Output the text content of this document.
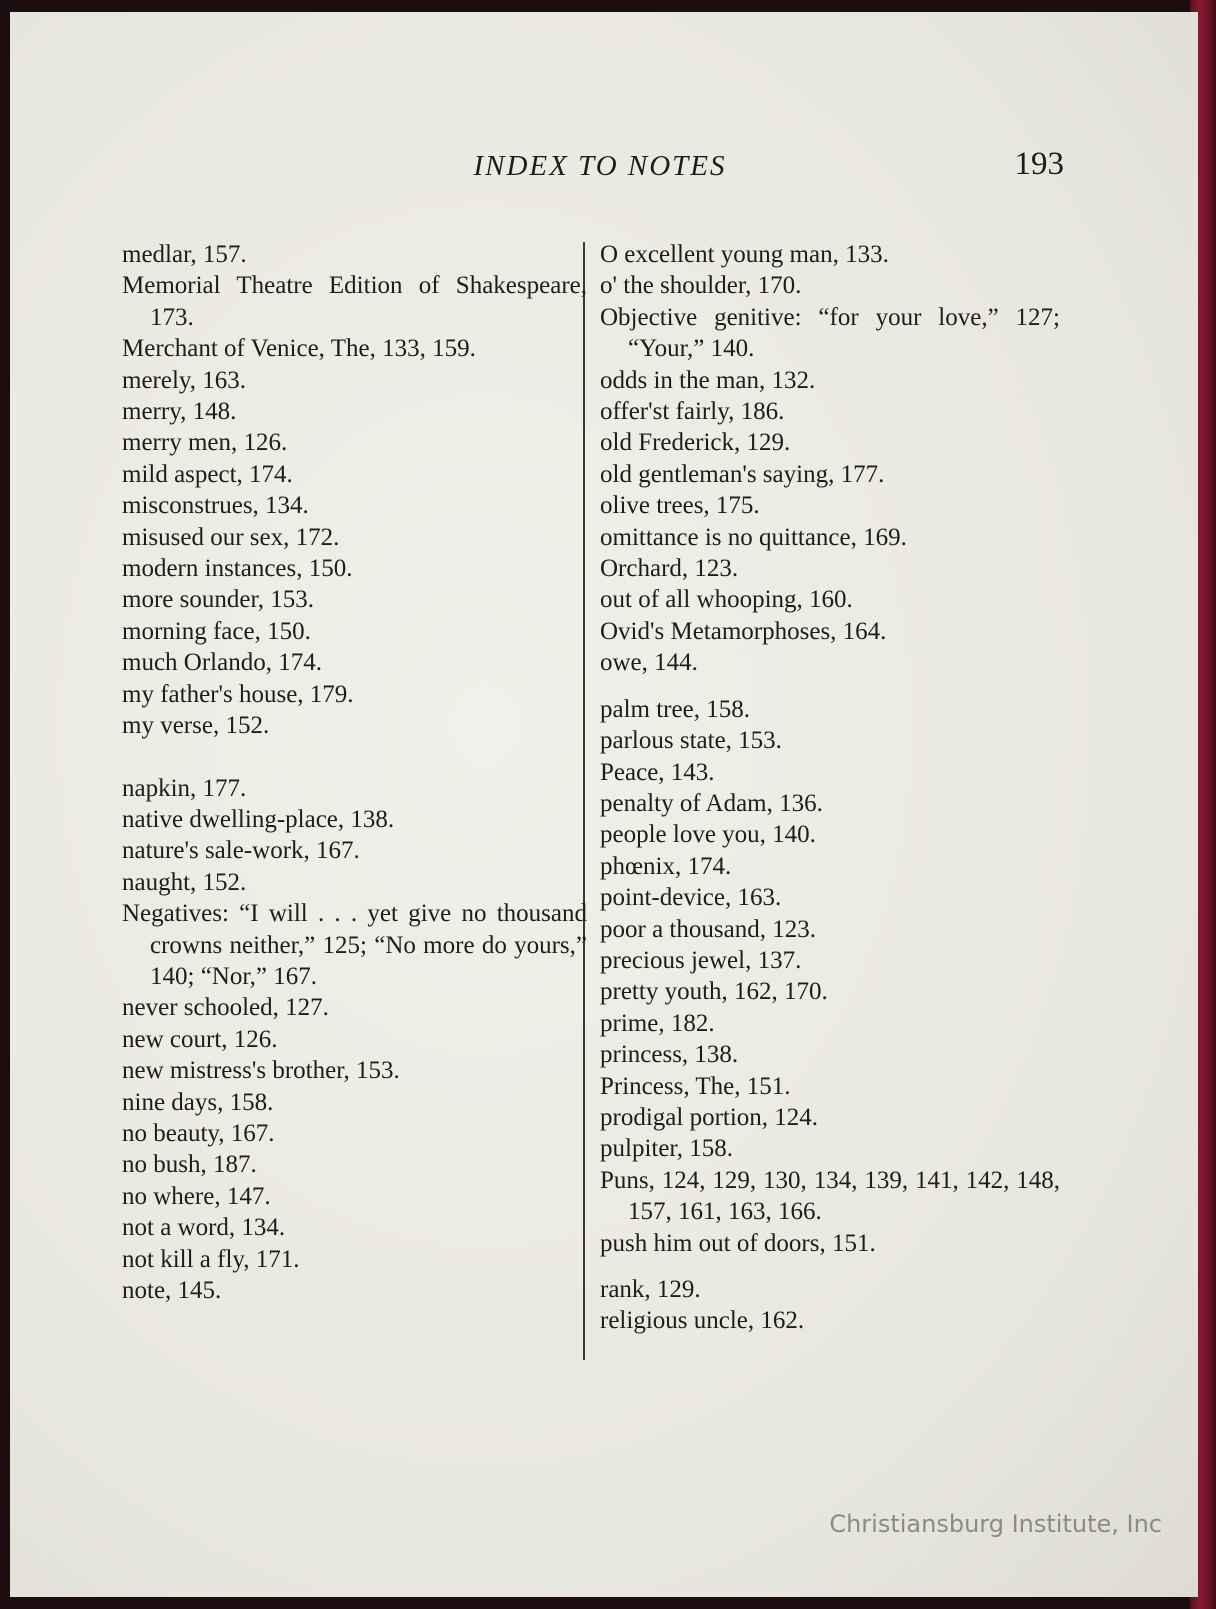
INDEX TO NOTES	193
medlar, 157.
Memorial Theatre Edition of Shakespeare, 173.
Merchant of Venice, The, 133, 159.
merely, 163.
merry, 148.
merry men, 126.
mild aspect, 174.
misconstrues, 134.
misused our sex, 172.
modern instances, 150.
more sounder, 153.
morning face, 150.
much Orlando, 174.
my father's house, 179.
my verse, 152.
napkin, 177.
native dwelling-place, 138.
nature's sale-work, 167.
naught, 152.
Negatives: “I will . . . yet give no thousand crowns neither,” 125; “No more do yours,” 140; “Nor,” 167.
never schooled, 127.
new court, 126.
new mistress's brother, 153.
nine days, 158.
no beauty, 167.
no bush, 187.
no where, 147.
not a word, 134.
not kill a fly, 171.
note, 145.
O excellent young man, 133.
o' the shoulder, 170.
Objective genitive: “for your love,” 127; “Your,” 140.
odds in the man, 132.
offer'st fairly, 186.
old Frederick, 129.
old gentleman's saying, 177.
olive trees, 175.
omittance is no quittance, 169.
Orchard, 123.
out of all whooping, 160.
Ovid's Metamorphoses, 164.
owe, 144.
palm tree, 158.
parlous state, 153.
Peace, 143.
penalty of Adam, 136.
people love you, 140.
phœnix, 174.
point-device, 163.
poor a thousand, 123.
precious jewel, 137.
pretty youth, 162, 170.
prime, 182.
princess, 138.
Princess, The, 151.
prodigal portion, 124.
pulpiter, 158.
Puns, 124, 129, 130, 134, 139, 141, 142, 148, 157, 161, 163, 166.
push him out of doors, 151.
rank, 129.
religious uncle, 162.
Christiansburg Institute, Inc
